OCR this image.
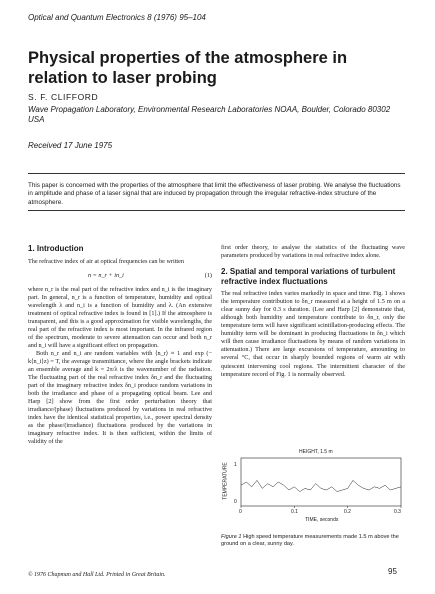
Optical and Quantum Electronics 8 (1976) 95–104
Physical properties of the atmosphere in relation to laser probing
S. F. CLIFFORD
Wave Propagation Laboratory, Environmental Research Laboratories NOAA, Boulder, Colorado 80302 USA
Received 17 June 1975

This paper is concerned with the properties of the atmosphere that limit the effectiveness of laser probing. We analyse the fluctuations in amplitude and phase of a laser signal that are induced by propagation through the irregular refractive-index structure of the atmosphere.

1. Introduction

The refractive index of air at optical frequencies can be written

n = n_r + in_i	(1)

where n_r is the real part of the refractive index and n_i is the imaginary part. In general, n_r is a function of temperature, humidity and optical wavelength λ and n_i is a function of humidity and λ. (An extensive treatment of optical refractive index is found in [1].) If the atmosphere is transparent, and this is a good approximation for visible wavelengths, the real part of the refractive index is most important. In the infrared region of the spectrum, moderate to severe attenuation can occur and both n_r and n_i will have a significant effect on propagation.

Both n_r and n_i are random variables with ⟨n_r⟩ ≈ 1 and exp (− k⟨n_i⟩z) = T, the average transmittance, where the angle brackets indicate an ensemble average and k = 2π/λ is the wavenumber of the radiation. The fluctuating part of the real refractive index δn_r and the fluctuating part of the imaginary refractive index δn_i produce random variations in both the irradiance and phase of a propagating optical beam. Lee and Harp [2] show from the first order perturbation theory that irradiance/(phase) fluctuations produced by variations in real refractive index have the identical statistical properties, i.e., power spectral density as the phase/(irradiance) fluctuations produced by the variations in imaginary refractive index. It is then sufficient, within the limits of validity of the

first order theory, to analyse the statistics of the fluctuating wave parameters produced by variations in real refractive index alone.

2. Spatial and temporal variations of turbulent refractive index fluctuations

The real refractive index varies markedly in space and time. Fig. 1 shows the temperature contribution to δn_r measured at a height of 1.5 m on a clear sunny day for 0.3 s duration. (Lee and Harp [2] demonstrate that, although both humidity and temperature contribute to δn_r, only the temperature term will have significant scintillation-producing effects. The humidity term will be dominant in producing fluctuations in δn_i which will then cause irradiance fluctuations by means of random variations in attenuation.) There are large excursions of temperature, amounting to several °C, that occur in sharply bounded regions of warm air with quiescent intervening cool regions. The intermittent character of the temperature record of Fig. 1 is normally observed.

HEIGHT, 1.5 m
TEMPERATURE 1
0
0	0.1	0.2	0.3
TIME, seconds

Figure 1 High speed temperature measurements made 1.5 m above the ground on a clear, sunny day.

© 1976 Chapman and Hall Ltd. Printed in Great Britain.	95
